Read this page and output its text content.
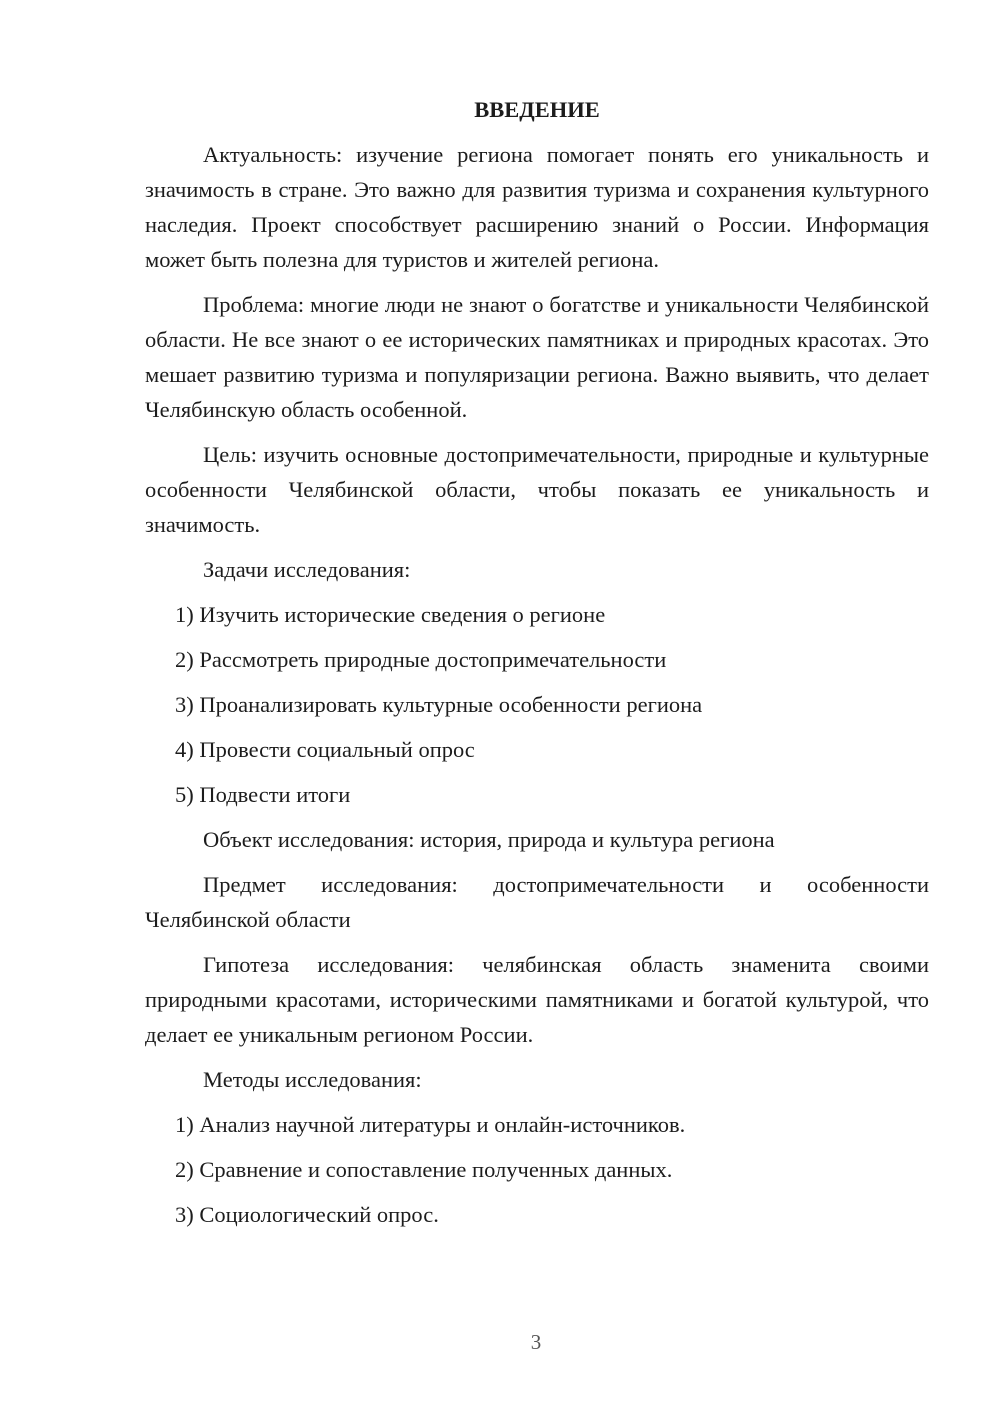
ВВЕДЕНИЕ

Актуальность: изучение региона помогает понять его уникальность и значимость в стране. Это важно для развития туризма и сохранения культурного наследия. Проект способствует расширению знаний о России. Информация может быть полезна для туристов и жителей региона.

Проблема: многие люди не знают о богатстве и уникальности Челябинской области. Не все знают о ее исторических памятниках и природных красотах. Это мешает развитию туризма и популяризации региона. Важно выявить, что делает Челябинскую область особенной.

Цель: изучить основные достопримечательности, природные и культурные особенности Челябинской области, чтобы показать ее уникальность и значимость.

Задачи исследования:

1) Изучить исторические сведения о регионе
2) Рассмотреть природные достопримечательности
3) Проанализировать культурные особенности региона
4) Провести социальный опрос
5) Подвести итоги

Объект исследования: история, природа и культура региона

Предмет исследования: достопримечательности и особенности Челябинской области

Гипотеза исследования: челябинская область знаменита своими природными красотами, историческими памятниками и богатой культурой, что делает ее уникальным регионом России.

Методы исследования:

1) Анализ научной литературы и онлайн-источников.
2) Сравнение и сопоставление полученных данных.
3) Социологический опрос.
3
